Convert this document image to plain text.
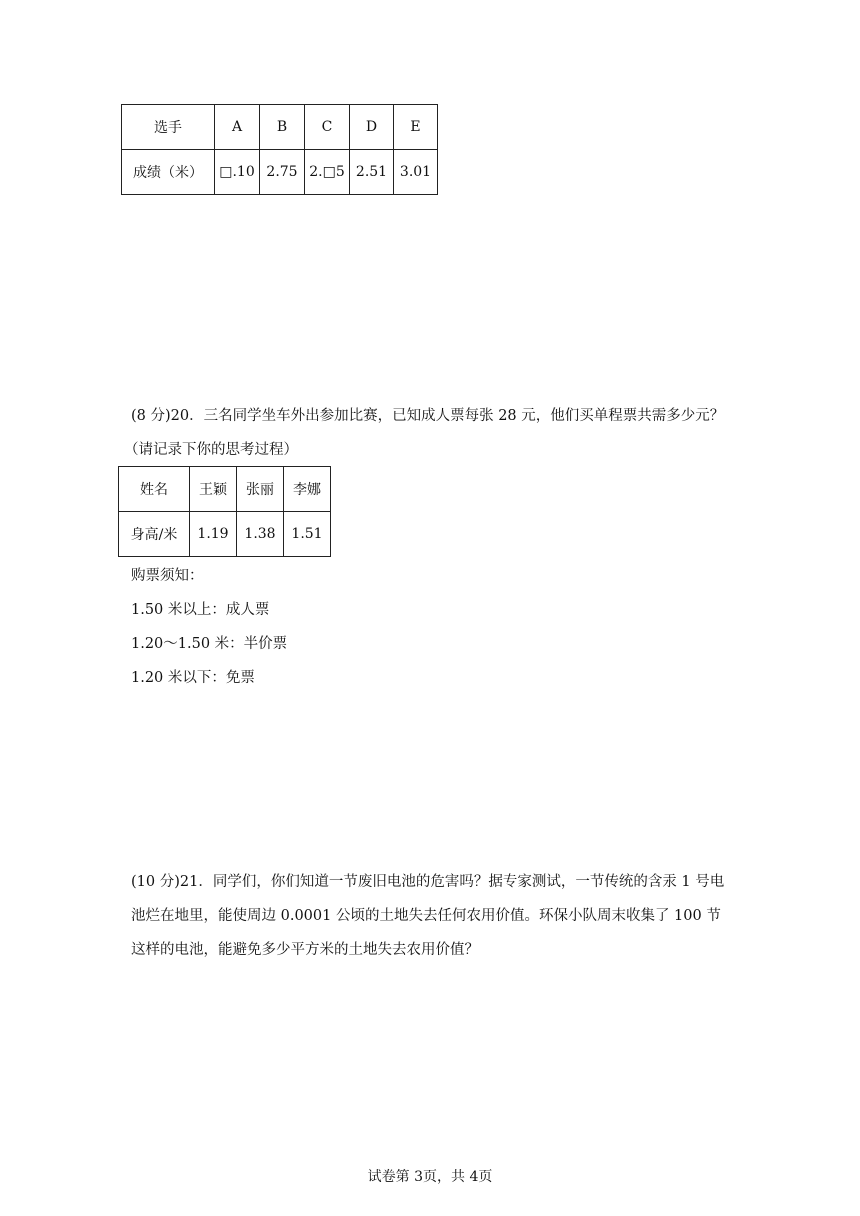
选手	A	B	C	D	E
成绩（米）	□.10	2.75	2.□5	2.51	3.01
(8 分)20．三名同学坐车外出参加比赛，已知成人票每张 28 元，他们买单程票共需多少元？
（请记录下你的思考过程）
姓名	王颖	张丽	李娜
身高/米	1.19	1.38	1.51
购票须知：
1.50 米以上：成人票
1.20～1.50 米：半价票
1.20 米以下：免票
(10 分)21．同学们，你们知道一节废旧电池的危害吗？据专家测试，一节传统的含汞 1 号电
池烂在地里，能使周边 0.0001 公顷的土地失去任何农用价值。环保小队周末收集了 100 节
这样的电池，能避免多少平方米的土地失去农用价值？
试卷第 3页，共 4页
